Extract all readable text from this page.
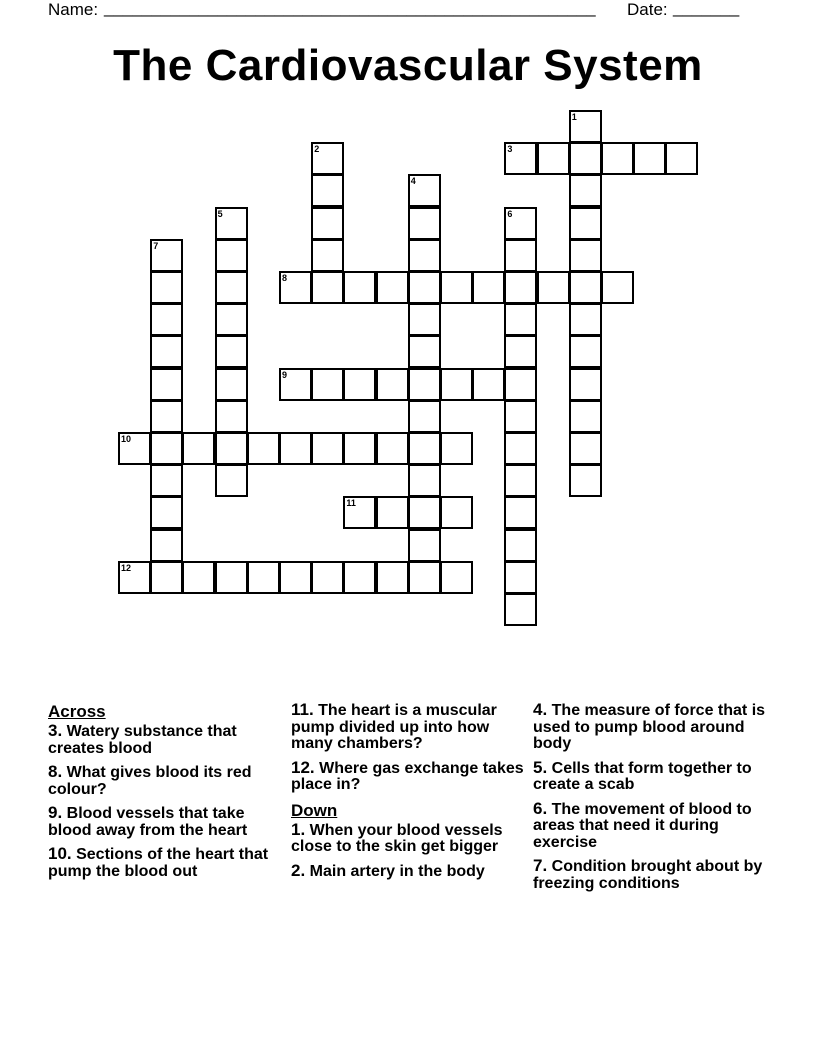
Name: ____________________________________________________ Date: _______
The Cardiovascular System
1
2	3
4
5	6
7
8
9
10
11
12
Across
3. Watery substance that creates blood
8. What gives blood its red colour?
9. Blood vessels that take blood away from the heart
10. Sections of the heart that pump the blood out
11. The heart is a muscular pump divided up into how many chambers?
12. Where gas exchange takes place in?
Down
1. When your blood vessels close to the skin get bigger
2. Main artery in the body
4. The measure of force that is used to pump blood around body
5. Cells that form together to create a scab
6. The movement of blood to areas that need it during exercise
7. Condition brought about by freezing conditions
